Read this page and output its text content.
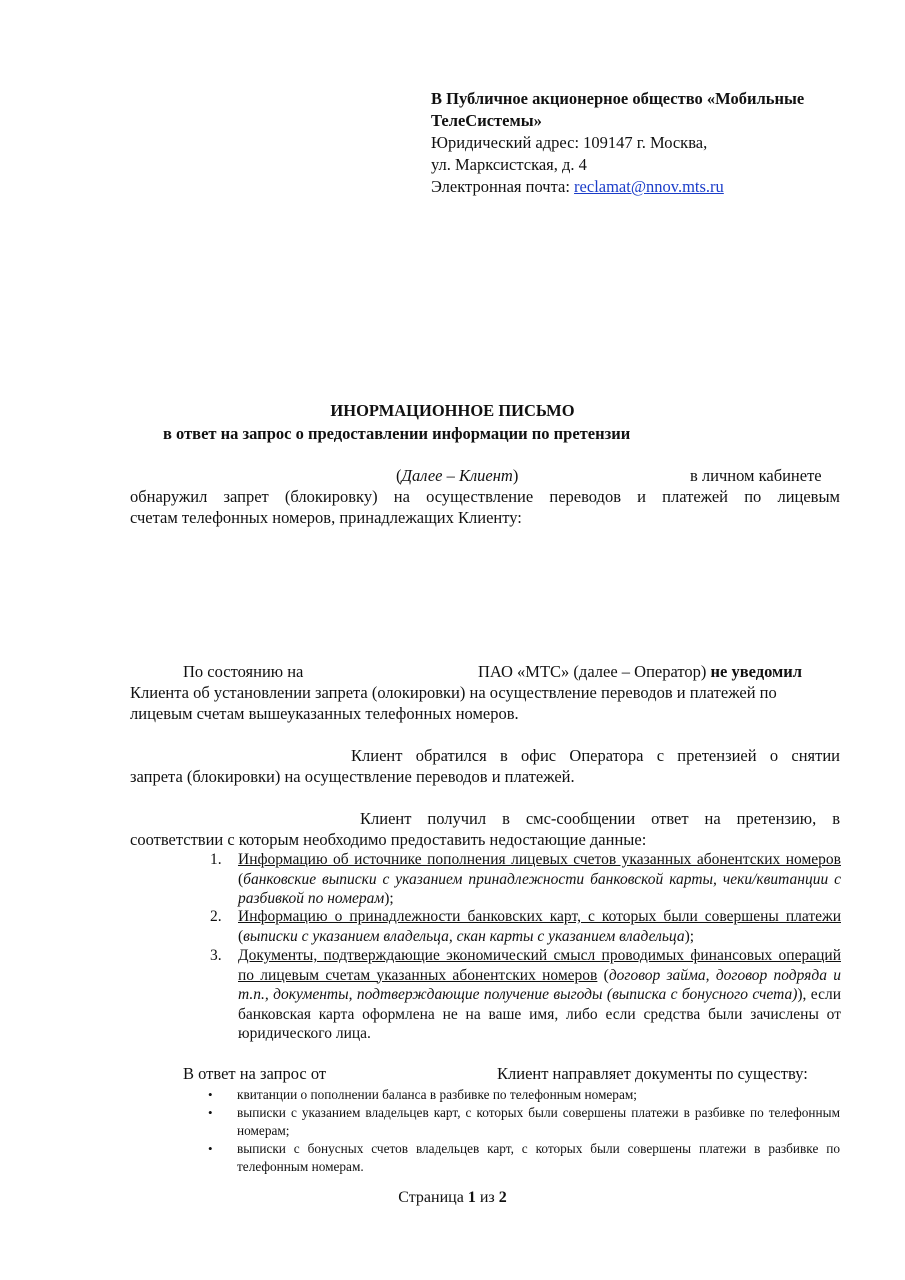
В Публичное акционерное общество «Мобильные
ТелеСистемы»
Юридический адрес: 109147 г. Москва,
ул. Марксистская, д. 4
Электронная почта: reclamat@nnov.mts.ru
ИНОРМАЦИОННОЕ ПИСЬМО
в ответ на запрос о предоставлении информации по претензии
(Далее – Клиент)	в личном кабинете
обнаружил запрет (блокировку) на осуществление переводов и платежей по лицевым
счетам телефонных номеров, принадлежащих Клиенту:
По состоянию на	ПАО «МТС» (далее – Оператор) не уведомил
Клиента об установлении запрета (олокировки) на осуществление переводов и платежей по
лицевым счетам вышеуказанных телефонных номеров.
Клиент обратился в офис Оператора с претензией о снятии
запрета (блокировки) на осуществление переводов и платежей.
Клиент получил в смс-сообщении ответ на претензию, в
соответствии с которым необходимо предоставить недостающие данные:
1. Информацию об источнике пополнения лицевых счетов указанных абонентских номеров (банковские выписки с указанием принадлежности банковской карты, чеки/квитанции с разбивкой по номерам);
2. Информацию о принадлежности банковских карт, с которых были совершены платежи (выписки с указанием владельца, скан карты с указанием владельца);
3. Документы, подтверждающие экономический смысл проводимых финансовых операций по лицевым счетам указанных абонентских номеров (договор займа, договор подряда и т.п., документы, подтверждающие получение выгоды (выписка с бонусного счета)), если банковская карта оформлена не на ваше имя, либо если средства были зачислены от юридического лица.
В ответ на запрос от	Клиент направляет документы по существу:
• квитанции о пополнении баланса в разбивке по телефонным номерам;
• выписки с указанием владельцев карт, с которых были совершены платежи в разбивке по телефонным номерам;
• выписки с бонусных счетов владельцев карт, с которых были совершены платежи в разбивке по телефонным номерам.
Страница 1 из 2
